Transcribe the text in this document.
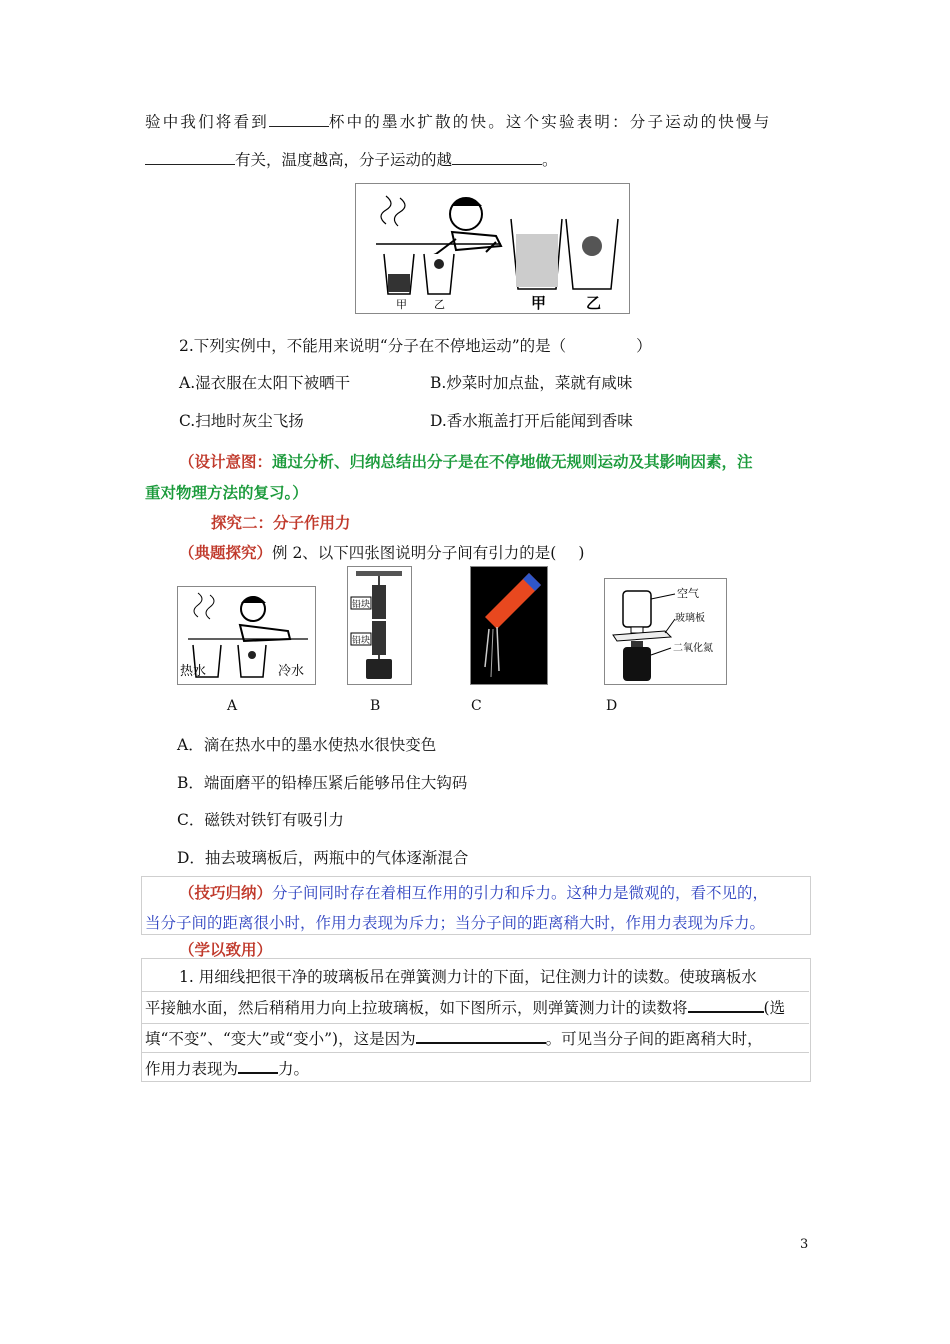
验中我们将看到	杯中的墨水扩散的快。这个实验表明：分子运动的快慢与
有关，温度越高，分子运动的越	。
甲 乙	甲	乙
2.下列实例中，不能用来说明“分子在不停地运动”的是（	）
A.湿衣服在太阳下被晒干	B.炒菜时加点盐，菜就有咸味
C.扫地时灰尘飞扬	D.香水瓶盖打开后能闻到香味
（设计意图：通过分析、归纳总结出分子是在不停地做无规则运动及其影响因素，注
重对物理方法的复习。）
探究二：分子作用力
（典题探究）例 2、以下四张图说明分子间有引力的是( )
热水	冷水
铅块
铅块
空气
玻璃板
二氧化氮
A	B	C	D
A．滴在热水中的墨水使热水很快变色
B．端面磨平的铅棒压紧后能够吊住大钩码
C．磁铁对铁钉有吸引力
D．抽去玻璃板后，两瓶中的气体逐渐混合
（技巧归纳）分子间同时存在着相互作用的引力和斥力。这种力是微观的，看不见的，
当分子间的距离很小时，作用力表现为斥力；当分子间的距离稍大时，作用力表现为斥力。
（学以致用）
1. 用细线把很干净的玻璃板吊在弹簧测力计的下面，记住测力计的读数。使玻璃板水
平接触水面，然后稍稍用力向上拉玻璃板，如下图所示，则弹簧测力计的读数将	(选
填“不变”、“变大”或“变小”)，这是因为	。可见当分子间的距离稍大时，
作用力表现为	力。
3
